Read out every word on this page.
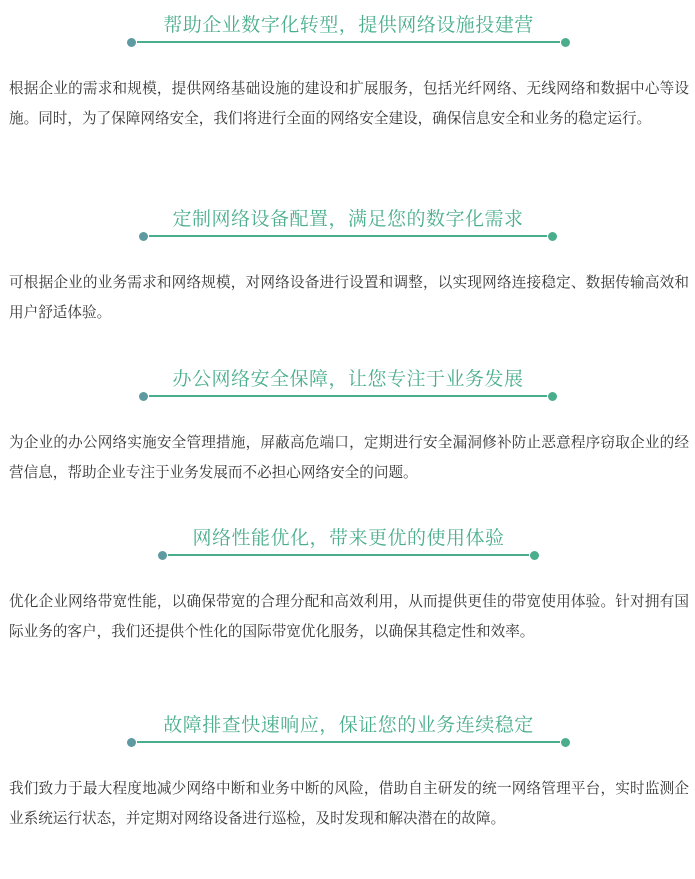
帮助企业数字化转型，提供网络设施投建营
根据企业的需求和规模，提供网络基础设施的建设和扩展服务，包括光纤网络、无线网络和数据中心等设施。同时，为了保障网络安全，我们将进行全面的网络安全建设，确保信息安全和业务的稳定运行。
定制网络设备配置，满足您的数字化需求
可根据企业的业务需求和网络规模，对网络设备进行设置和调整，以实现网络连接稳定、数据传输高效和用户舒适体验。
办公网络安全保障，让您专注于业务发展
为企业的办公网络实施安全管理措施，屏蔽高危端口，定期进行安全漏洞修补防止恶意程序窃取企业的经营信息，帮助企业专注于业务发展而不必担心网络安全的问题。
网络性能优化，带来更优的使用体验
优化企业网络带宽性能，以确保带宽的合理分配和高效利用，从而提供更佳的带宽使用体验。针对拥有国际业务的客户，我们还提供个性化的国际带宽优化服务，以确保其稳定性和效率。
故障排查快速响应，保证您的业务连续稳定
我们致力于最大程度地减少网络中断和业务中断的风险，借助自主研发的统一网络管理平台，实时监测企业系统运行状态，并定期对网络设备进行巡检，及时发现和解决潜在的故障。
